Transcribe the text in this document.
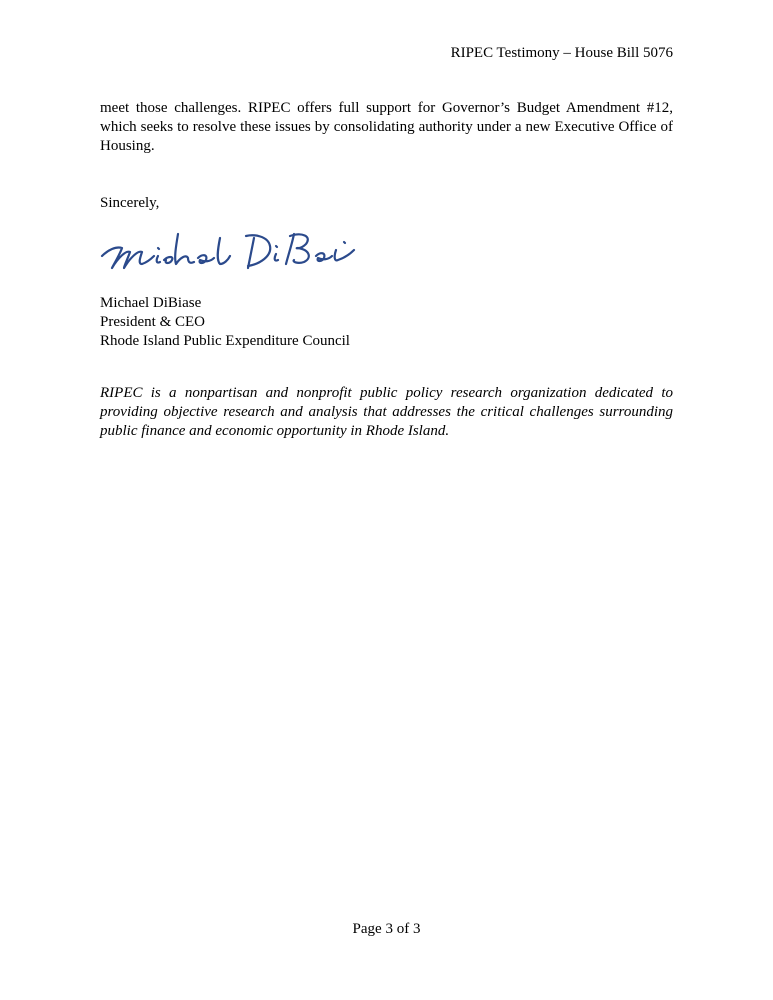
RIPEC Testimony – House Bill 5076

meet those challenges. RIPEC offers full support for Governor’s Budget Amendment #12, which seeks to resolve these issues by consolidating authority under a new Executive Office of Housing.

Sincerely,
Michael DiBiase
President & CEO
Rhode Island Public Expenditure Council

RIPEC is a nonpartisan and nonprofit public policy research organization dedicated to providing objective research and analysis that addresses the critical challenges surrounding public finance and economic opportunity in Rhode Island.

Page 3 of 3
